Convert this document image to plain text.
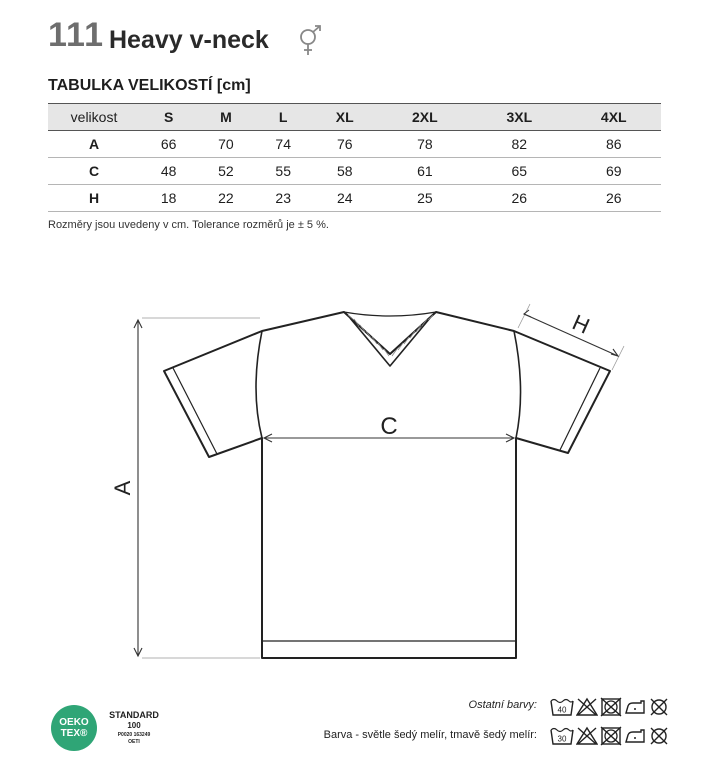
111 Heavy v-neck
TABULKA VELIKOSTÍ [cm]
velikost	S	M	L	XL	2XL	3XL	4XL
A	66	70	74	76	78	82	86
C	48	52	55	58	61	65	69
H	18	22	23	24	25	26	26
Rozměry jsou uvedeny v cm. Tolerance rozměrů je ± 5 %.
A
C
H
OEKO
TEX®
STANDARD
100
P0020 163249
OETI
Ostatní barvy:	40
Barva - světle šedý melír, tmavě šedý melír:	30
